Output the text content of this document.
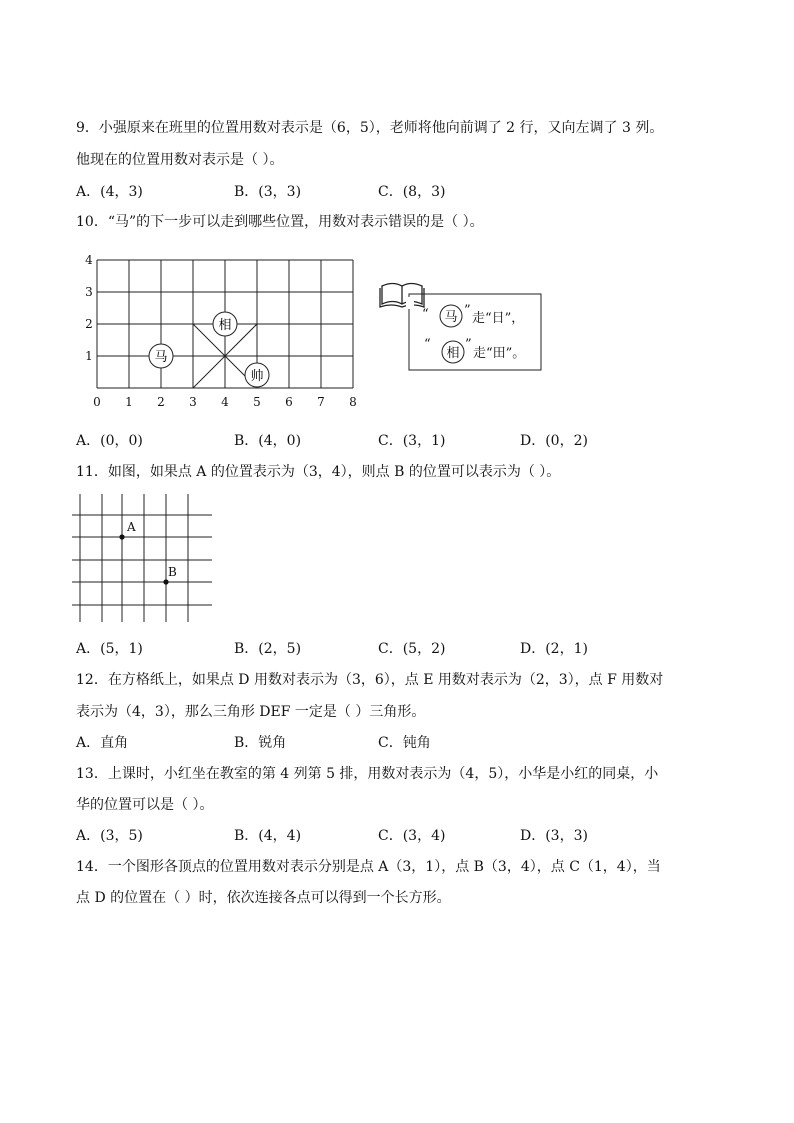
9．小强原来在班里的位置用数对表示是（6，5），老师将他向前调了 2 行，又向左调了 3 列。
他现在的位置用数对表示是（ ）。
A．(4，3)	B．(3，3)	C．(8，3)
10．“马”的下一步可以走到哪些位置，用数对表示错误的是（ ）。
0 1 2 3 4 5 6 7 8
1
2
3
4
马
相
帅
“ 马 ”
走“日”，
“
相
”
走“田”。
A．(0，0)	B．(4，0)	C．(3，1)	D．(0，2)
11．如图，如果点 A 的位置表示为（3，4），则点 B 的位置可以表示为（ ）。
A
B
A．(5，1)	B．(2，5)	C．(5，2)	D．(2，1)
12．在方格纸上，如果点 D 用数对表示为（3，6），点 E 用数对表示为（2，3），点 F 用数对
表示为（4，3），那么三角形 DEF 一定是（ ）三角形。
A．直角	B．锐角	C．钝角
13．上课时，小红坐在教室的第 4 列第 5 排，用数对表示为（4，5），小华是小红的同桌，小
华的位置可以是（ ）。
A．(3，5)	B．(4，4)	C．(3，4)	D．(3，3)
14．一个图形各顶点的位置用数对表示分别是点 A（3，1），点 B（3，4），点 C（1，4），当
点 D 的位置在（ ）时，依次连接各点可以得到一个长方形。
